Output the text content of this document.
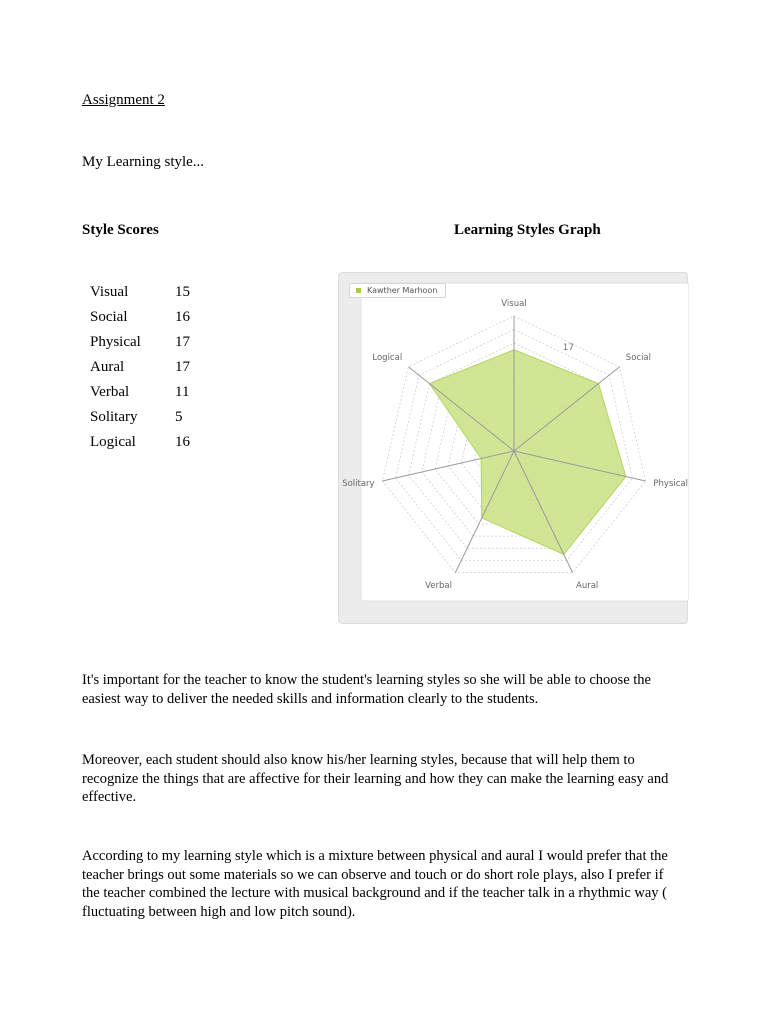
Assignment 2
My Learning style...
Style Scores	Learning Styles Graph
Visual	15
Social	16
Physical	17
Aural	17
Verbal	11
Solitary	5
Logical	16
17
Visual
Social
Physical
Aural
Verbal
Solitary
Logical
Kawther Marhoon

It's important for the teacher to know the student's learning styles so she will be able to choose the easiest way to deliver the needed skills and information clearly to the students.

Moreover, each student should also know his/her learning styles, because that will help them to recognize the things that are affective for their learning and how they can make the learning easy and effective.

According to my learning style which is a mixture between physical and aural I would prefer that the teacher brings out some materials so we can observe and touch or do short role plays, also I prefer if the teacher combined the lecture with musical background and if the teacher talk in a rhythmic way ( fluctuating between high and low pitch sound).
